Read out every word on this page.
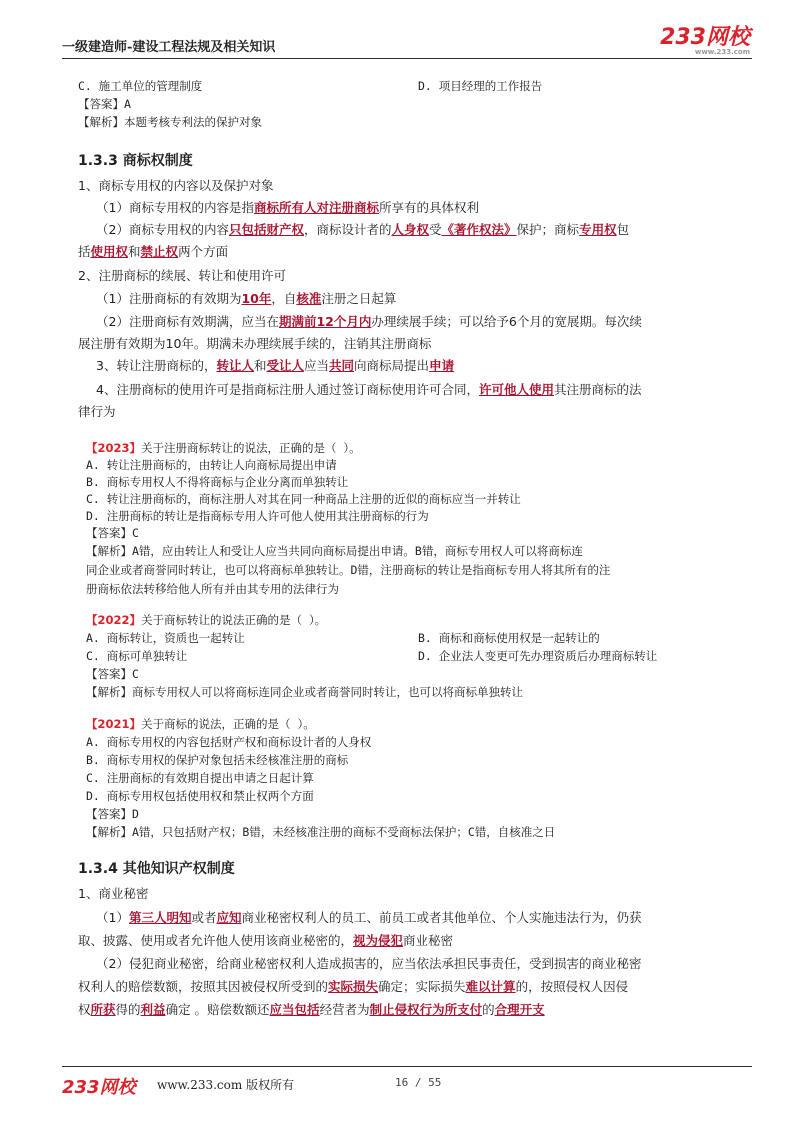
一级建造师-建设工程法规及相关知识	233网校
www.233.com
C. 施工单位的管理制度	D. 项目经理的工作报告
【答案】A
【解析】本题考核专利法的保护对象
1.3.3 商标权制度
1、商标专用权的内容以及保护对象
（1）商标专用权的内容是指商标所有人对注册商标所享有的具体权利
（2）商标专用权的内容只包括财产权，商标设计者的人身权受《著作权法》保护；商标专用权包
括使用权和禁止权两个方面
2、注册商标的续展、转让和使用许可
（1）注册商标的有效期为10年，自核准注册之日起算
（2）注册商标有效期满，应当在期满前12个月内办理续展手续；可以给予6个月的宽展期。每次续
展注册有效期为10年。期满未办理续展手续的，注销其注册商标
3、转让注册商标的，转让人和受让人应当共同向商标局提出申请
4、注册商标的使用许可是指商标注册人通过签订商标使用许可合同，许可他人使用其注册商标的法
律行为
【2023】关于注册商标转让的说法，正确的是（ ）。
A. 转让注册商标的，由转让人向商标局提出申请
B. 商标专用权人不得将商标与企业分离而单独转让
C. 转让注册商标的，商标注册人对其在同一种商品上注册的近似的商标应当一并转让
D. 注册商标的转让是指商标专用人许可他人使用其注册商标的行为
【答案】C
【解析】A错，应由转让人和受让人应当共同向商标局提出申请。B错，商标专用权人可以将商标连
同企业或者商誉同时转让，也可以将商标单独转让。D错，注册商标的转让是指商标专用人将其所有的注
册商标依法转移给他人所有并由其专用的法律行为
【2022】关于商标转让的说法正确的是（ ）。
A. 商标转让，资质也一起转让	B. 商标和商标使用权是一起转让的
C. 商标可单独转让	D. 企业法人变更可先办理资质后办理商标转让
【答案】C
【解析】商标专用权人可以将商标连同企业或者商誉同时转让，也可以将商标单独转让
【2021】关于商标的说法，正确的是（ ）。
A. 商标专用权的内容包括财产权和商标设计者的人身权
B. 商标专用权的保护对象包括未经核准注册的商标
C. 注册商标的有效期自提出申请之日起计算
D. 商标专用权包括使用权和禁止权两个方面
【答案】D
【解析】A错，只包括财产权；B错，未经核准注册的商标不受商标法保护；C错，自核准之日
1.3.4 其他知识产权制度
1、商业秘密
（1）第三人明知或者应知商业秘密权利人的员工、前员工或者其他单位、个人实施违法行为，仍获
取、披露、使用或者允许他人使用该商业秘密的，视为侵犯商业秘密
（2）侵犯商业秘密，给商业秘密权利人造成损害的，应当依法承担民事责任，受到损害的商业秘密
权利人的赔偿数额，按照其因被侵权所受到的实际损失确定；实际损失难以计算的，按照侵权人因侵
权所获得的利益确定 。赔偿数额还应当包括经营者为制止侵权行为所支付的合理开支
233网校 www.233.com 版权所有	16 / 55
